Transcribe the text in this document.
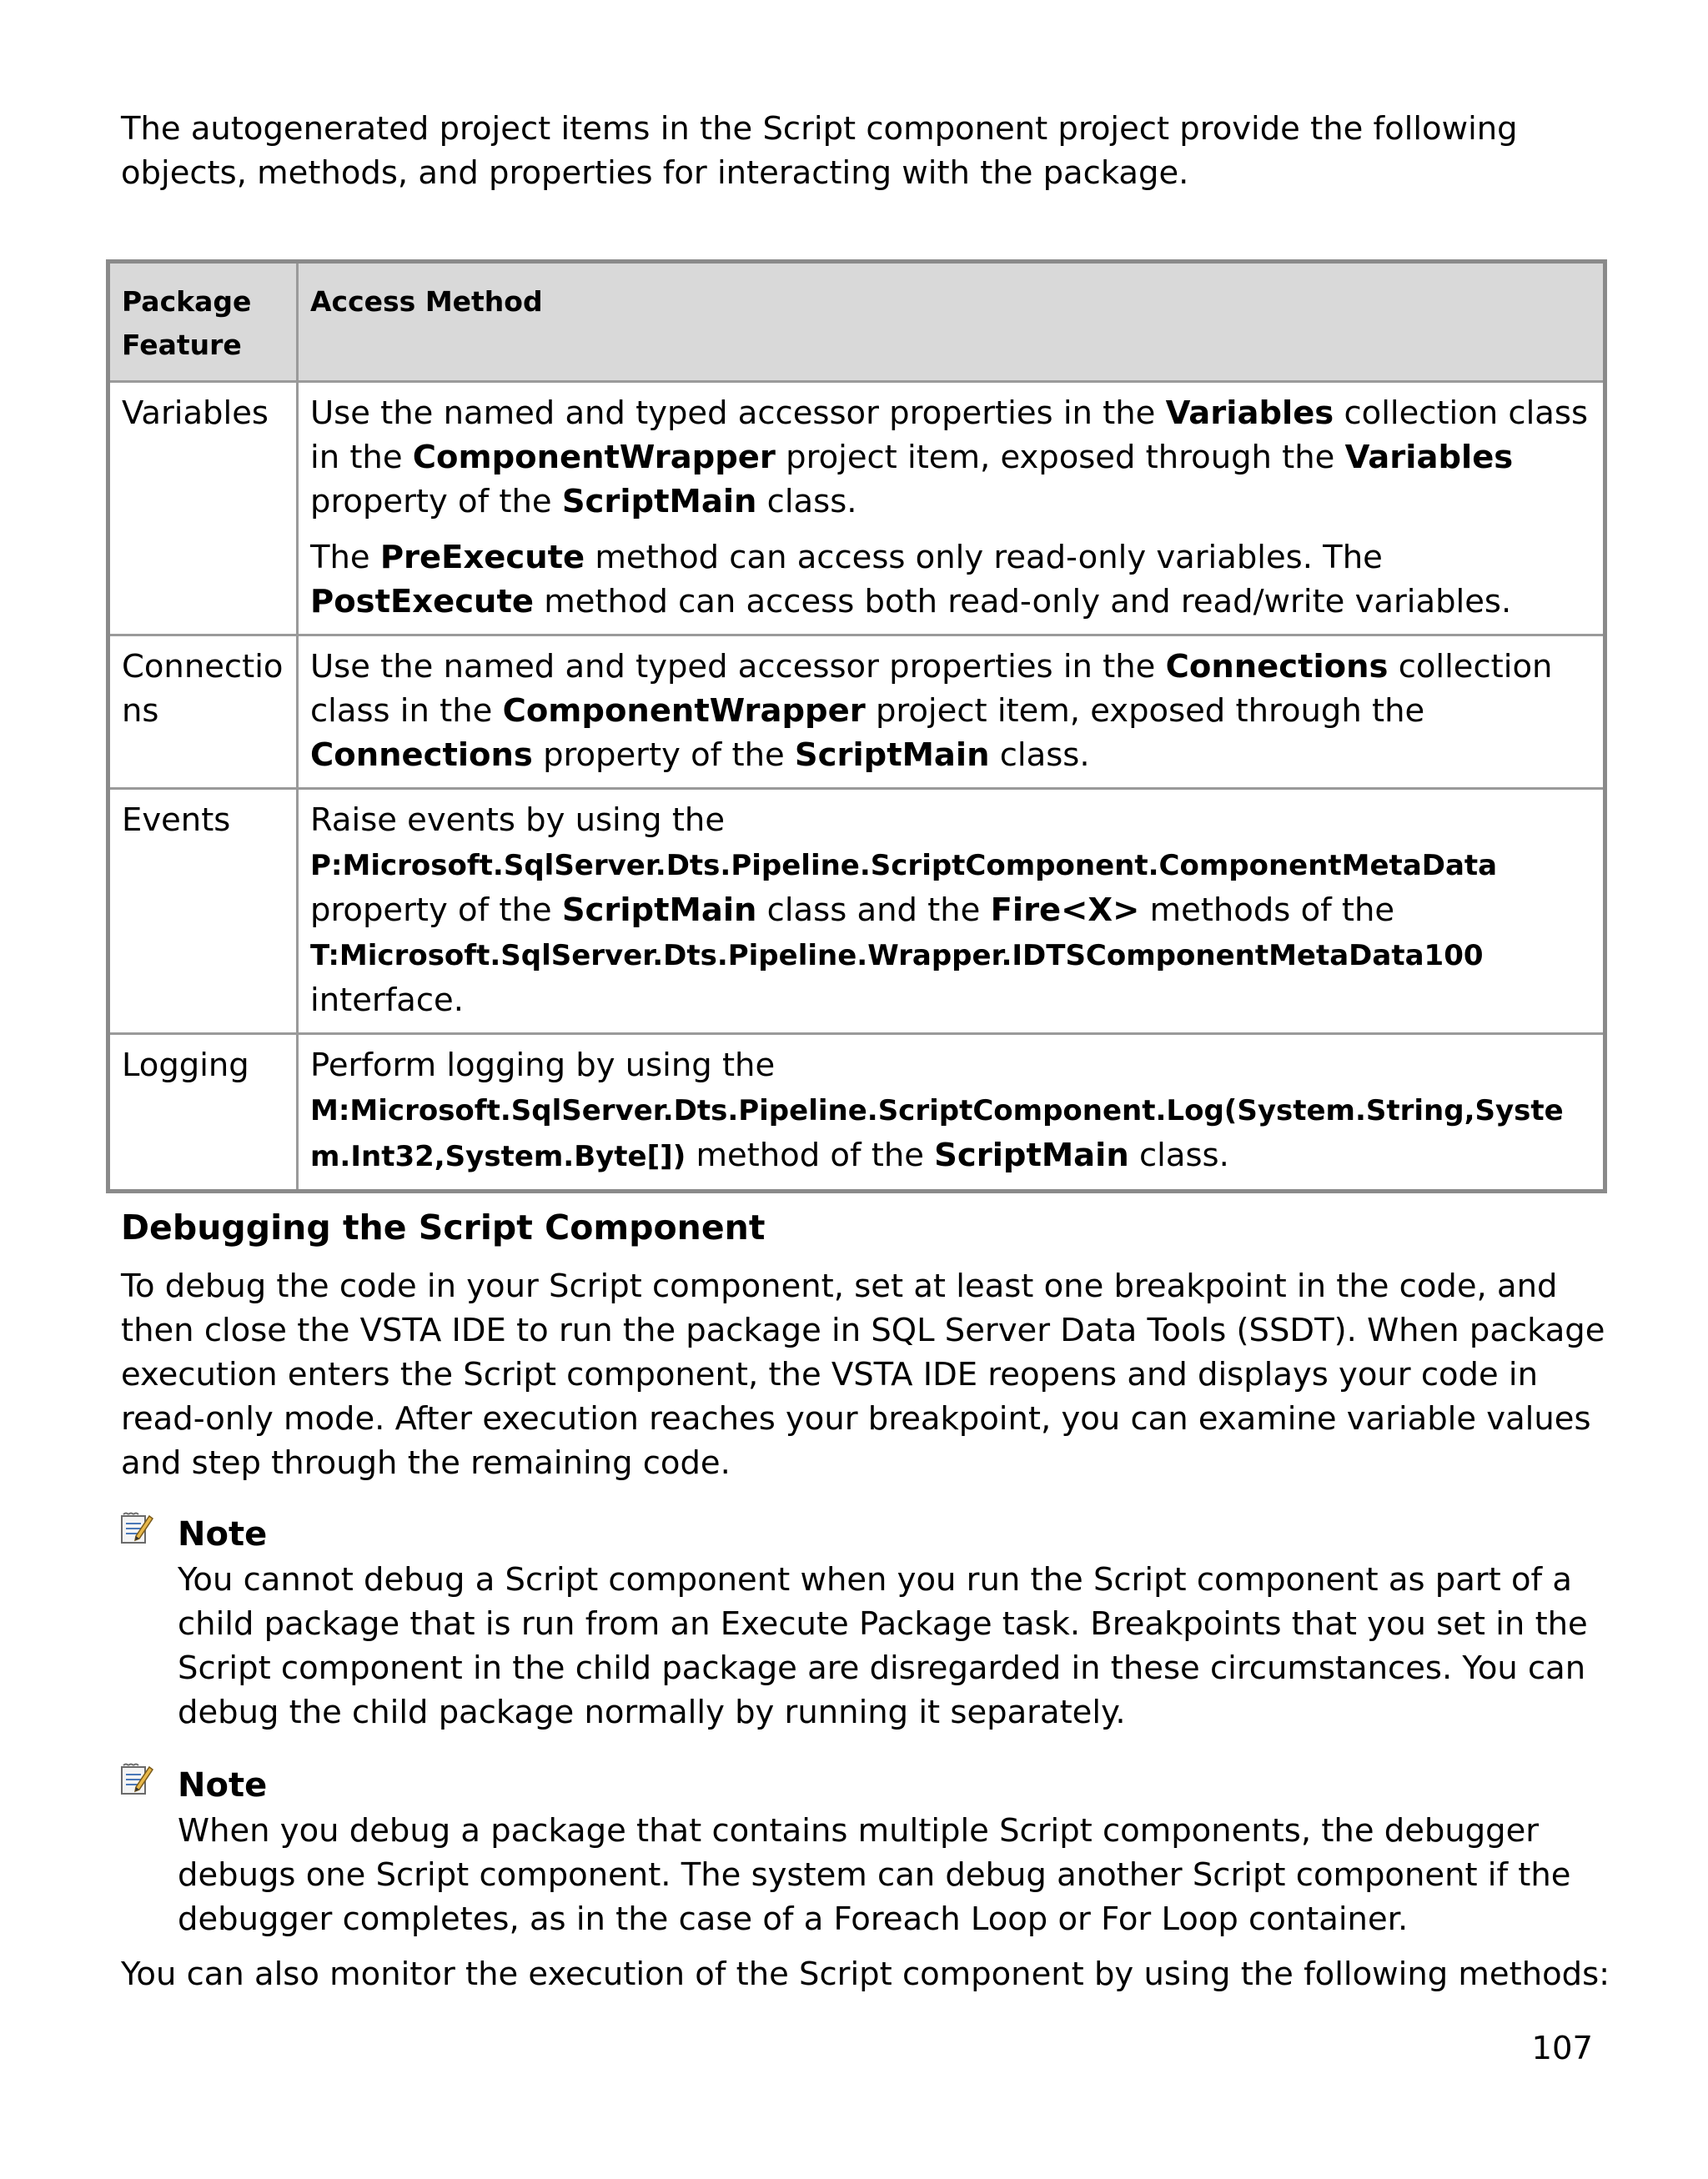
The autogenerated project items in the Script component project provide the following objects, methods, and properties for interacting with the package.

Package Feature	Access Method
Variables	Use the named and typed accessor properties in the Variables collection class in the ComponentWrapper project item, exposed through the Variables property of the ScriptMain class.

The PreExecute method can access only read-only variables. The PostExecute method can access both read-only and read/write variables.

Connections	Use the named and typed accessor properties in the Connections collection class in the ComponentWrapper project item, exposed through the Connections property of the ScriptMain class.

Events	Raise events by using the
P:Microsoft.SqlServer.Dts.Pipeline.ScriptComponent.ComponentMetaData property of the ScriptMain class and the Fire<X> methods of the
T:Microsoft.SqlServer.Dts.Pipeline.Wrapper.IDTSComponentMetaData100 interface.

Logging	Perform logging by using the
M:Microsoft.SqlServer.Dts.Pipeline.ScriptComponent.Log(System.String,System.Int32,System.Byte[]) method of the ScriptMain class.

Debugging the Script Component

To debug the code in your Script component, set at least one breakpoint in the code, and then close the VSTA IDE to run the package in SQL Server Data Tools (SSDT). When package execution enters the Script component, the VSTA IDE reopens and displays your code in read-only mode. After execution reaches your breakpoint, you can examine variable values and step through the remaining code.

Note

You cannot debug a Script component when you run the Script component as part of a child package that is run from an Execute Package task. Breakpoints that you set in the Script component in the child package are disregarded in these circumstances. You can debug the child package normally by running it separately.

Note

When you debug a package that contains multiple Script components, the debugger debugs one Script component. The system can debug another Script component if the debugger completes, as in the case of a Foreach Loop or For Loop container.

You can also monitor the execution of the Script component by using the following methods:

107
